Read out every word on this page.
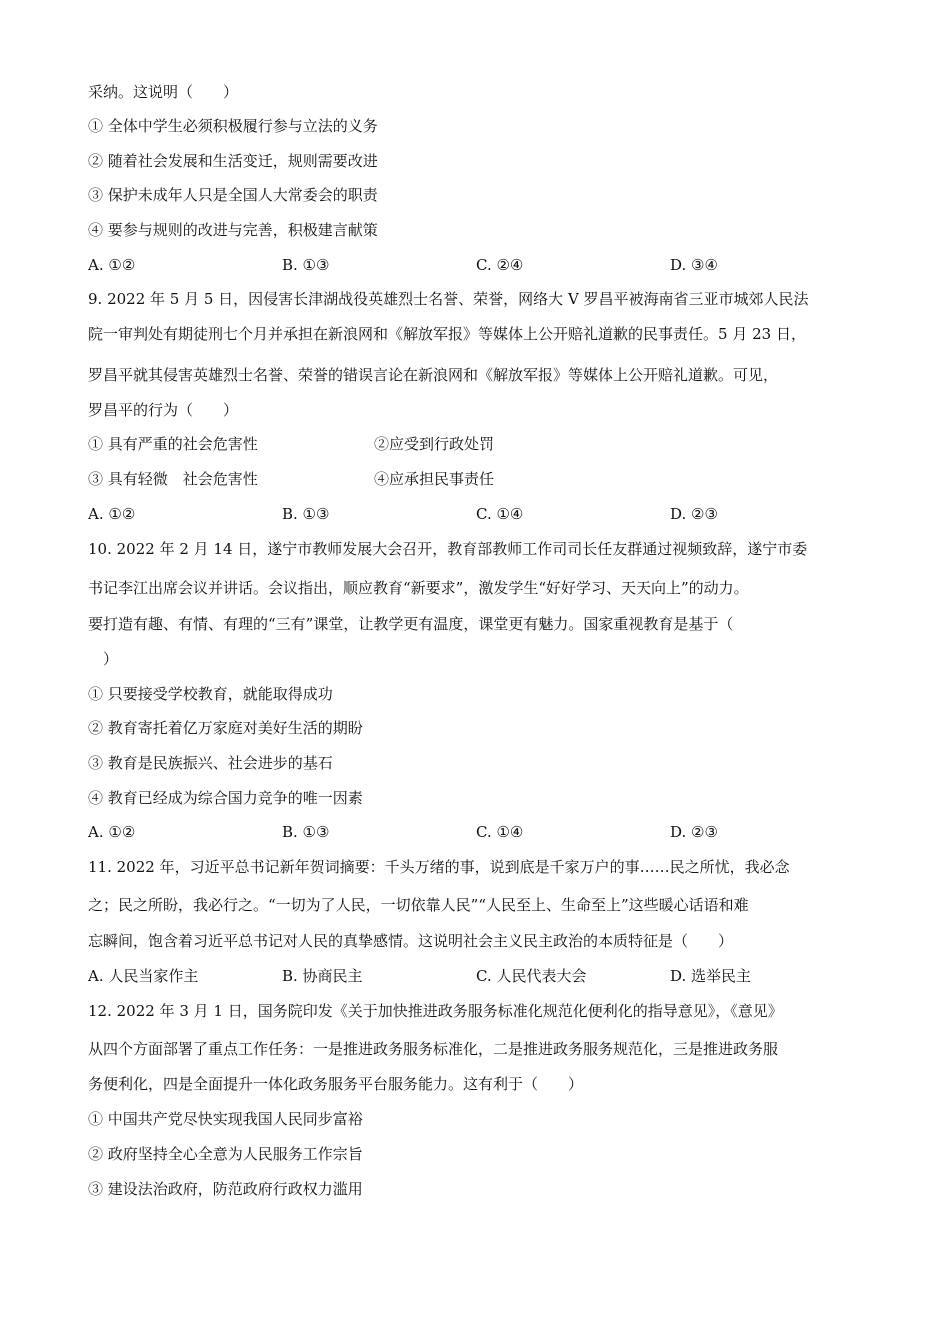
采纳。这说明（　　）
① 全体中学生必须积极履行参与立法的义务
② 随着社会发展和生活变迁，规则需要改进
③ 保护未成年人只是全国人大常委会的职责
④ 要参与规则的改进与完善，积极建言献策
A. ①②	B. ①③	C. ②④	D. ③④
9. 2022 年 5 月 5 日，因侵害长津湖战役英雄烈士名誉、荣誉，网络大 V 罗昌平被海南省三亚市城郊人民法
院一审判处有期徒刑七个月并承担在新浪网和《解放军报》等媒体上公开赔礼道歉的民事责任。5 月 23 日，
罗昌平就其侵害英雄烈士名誉、荣誉的错误言论在新浪网和《解放军报》等媒体上公开赔礼道歉。可见，
罗昌平的行为（　　）
① 具有严重的社会危害性	②应受到行政处罚
③ 具有轻微　社会危害性	④应承担民事责任
A. ①②	B. ①③	C. ①④	D. ②③
10. 2022 年 2 月 14 日，遂宁市教师发展大会召开，教育部教师工作司司长任友群通过视频致辞，遂宁市委
书记李江出席会议并讲话。会议指出，顺应教育“新要求”，激发学生“好好学习、天天向上”的动力。
要打造有趣、有情、有理的“三有”课堂，让教学更有温度，课堂更有魅力。国家重视教育是基于（
　）
① 只要接受学校教育，就能取得成功
② 教育寄托着亿万家庭对美好生活的期盼
③ 教育是民族振兴、社会进步的基石
④ 教育已经成为综合国力竞争的唯一因素
A. ①②	B. ①③	C. ①④	D. ②③
11. 2022 年，习近平总书记新年贺词摘要：千头万绪的事，说到底是千家万户的事……民之所忧，我必念
之；民之所盼，我必行之。“一切为了人民，一切依靠人民”“人民至上、生命至上”这些暖心话语和难
忘瞬间，饱含着习近平总书记对人民的真挚感情。这说明社会主义民主政治的本质特征是（　　）
A. 人民当家作主	B. 协商民主	C. 人民代表大会	D. 选举民主
12. 2022 年 3 月 1 日，国务院印发《关于加快推进政务服务标准化规范化便利化的指导意见》，《意见》
从四个方面部署了重点工作任务：一是推进政务服务标准化，二是推进政务服务规范化，三是推进政务服
务便利化，四是全面提升一体化政务服务平台服务能力。这有利于（　　）
① 中国共产党尽快实现我国人民同步富裕
② 政府坚持全心全意为人民服务工作宗旨
③ 建设法治政府，防范政府行政权力滥用
